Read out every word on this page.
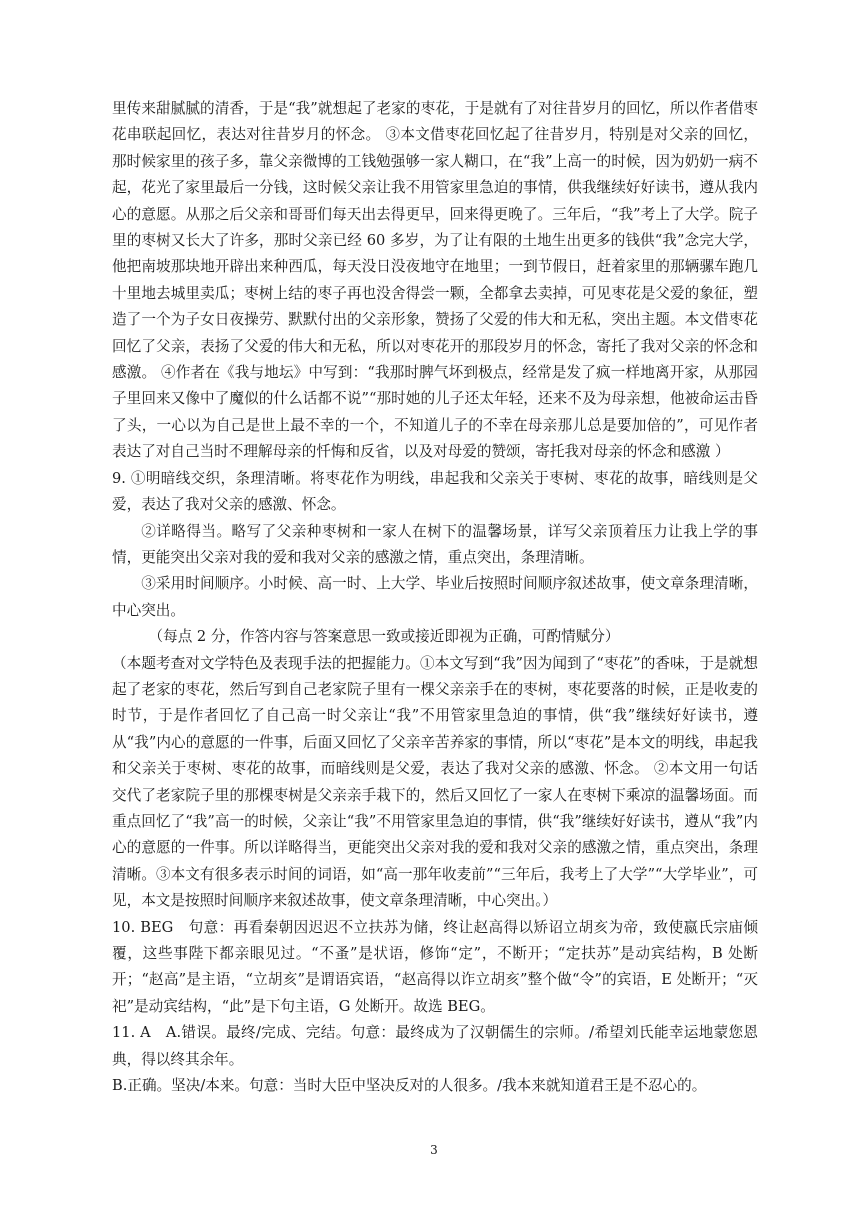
里传来甜腻腻的清香，于是“我”就想起了老家的枣花，于是就有了对往昔岁月的回忆，所以作者借枣花串联起回忆，表达对往昔岁月的怀念。 ③本文借枣花回忆起了往昔岁月，特别是对父亲的回忆，那时候家里的孩子多，靠父亲微博的工钱勉强够一家人糊口，在“我”上高一的时候，因为奶奶一病不起，花光了家里最后一分钱，这时候父亲让我不用管家里急迫的事情，供我继续好好读书，遵从我内心的意愿。从那之后父亲和哥哥们每天出去得更早，回来得更晚了。三年后，“我”考上了大学。院子里的枣树又长大了许多，那时父亲已经 60 多岁，为了让有限的土地生出更多的钱供“我”念完大学，他把南坡那块地开辟出来种西瓜，每天没日没夜地守在地里；一到节假日，赶着家里的那辆骡车跑几十里地去城里卖瓜；枣树上结的枣子再也没舍得尝一颗，全都拿去卖掉，可见枣花是父爱的象征，塑造了一个为子女日夜操劳、默默付出的父亲形象，赞扬了父爱的伟大和无私，突出主题。本文借枣花回忆了父亲，表扬了父爱的伟大和无私，所以对枣花开的那段岁月的怀念，寄托了我对父亲的怀念和感激。 ④作者在《我与地坛》中写到：“我那时脾气坏到极点，经常是发了疯一样地离开家，从那园子里回来又像中了魔似的什么话都不说”“那时她的儿子还太年轻，还来不及为母亲想，他被命运击昏了头，一心以为自己是世上最不幸的一个，不知道儿子的不幸在母亲那儿总是要加倍的”，可见作者表达了对自己当时不理解母亲的忏悔和反省，以及对母爱的赞颂，寄托我对母亲的怀念和感激 ）

9. ①明暗线交织，条理清晰。将枣花作为明线，串起我和父亲关于枣树、枣花的故事，暗线则是父爱，表达了我对父亲的感激、怀念。

②详略得当。略写了父亲种枣树和一家人在树下的温馨场景，详写父亲顶着压力让我上学的事情，更能突出父亲对我的爱和我对父亲的感激之情，重点突出，条理清晰。

③采用时间顺序。小时候、高一时、上大学、毕业后按照时间顺序叙述故事，使文章条理清晰，中心突出。

（每点 2 分，作答内容与答案意思一致或接近即视为正确，可酌情赋分）

（本题考查对文学特色及表现手法的把握能力。①本文写到“我”因为闻到了“枣花”的香味，于是就想起了老家的枣花，然后写到自己老家院子里有一棵父亲亲手在的枣树，枣花要落的时候，正是收麦的时节，于是作者回忆了自己高一时父亲让“我”不用管家里急迫的事情，供“我”继续好好读书，遵从“我”内心的意愿的一件事，后面又回忆了父亲辛苦养家的事情，所以“枣花”是本文的明线，串起我和父亲关于枣树、枣花的故事，而暗线则是父爱，表达了我对父亲的感激、怀念。 ②本文用一句话交代了老家院子里的那棵枣树是父亲亲手栽下的，然后又回忆了一家人在枣树下乘凉的温馨场面。而重点回忆了“我”高一的时候，父亲让“我”不用管家里急迫的事情，供“我”继续好好读书，遵从“我”内心的意愿的一件事。所以详略得当，更能突出父亲对我的爱和我对父亲的感激之情，重点突出，条理清晰。③本文有很多表示时间的词语，如“高一那年收麦前”“三年后，我考上了大学”“大学毕业”，可见，本文是按照时间顺序来叙述故事，使文章条理清晰，中心突出。）

10. BEG　句意：再看秦朝因迟迟不立扶苏为储，终让赵高得以矫诏立胡亥为帝，致使嬴氏宗庙倾覆，这些事陛下都亲眼见过。“不蚤”是状语，修饰“定”，不断开；“定扶苏”是动宾结构，B 处断开；“赵高”是主语，“立胡亥”是谓语宾语，“赵高得以诈立胡亥”整个做“令”的宾语，E 处断开；“灭祀”是动宾结构，“此”是下句主语，G 处断开。故选 BEG。

11. A　A.错误。最终/完成、完结。句意：最终成为了汉朝儒生的宗师。/希望刘氏能幸运地蒙您恩典，得以终其余年。

B.正确。坚决/本来。句意：当时大臣中坚决反对的人很多。/我本来就知道君王是不忍心的。

3
